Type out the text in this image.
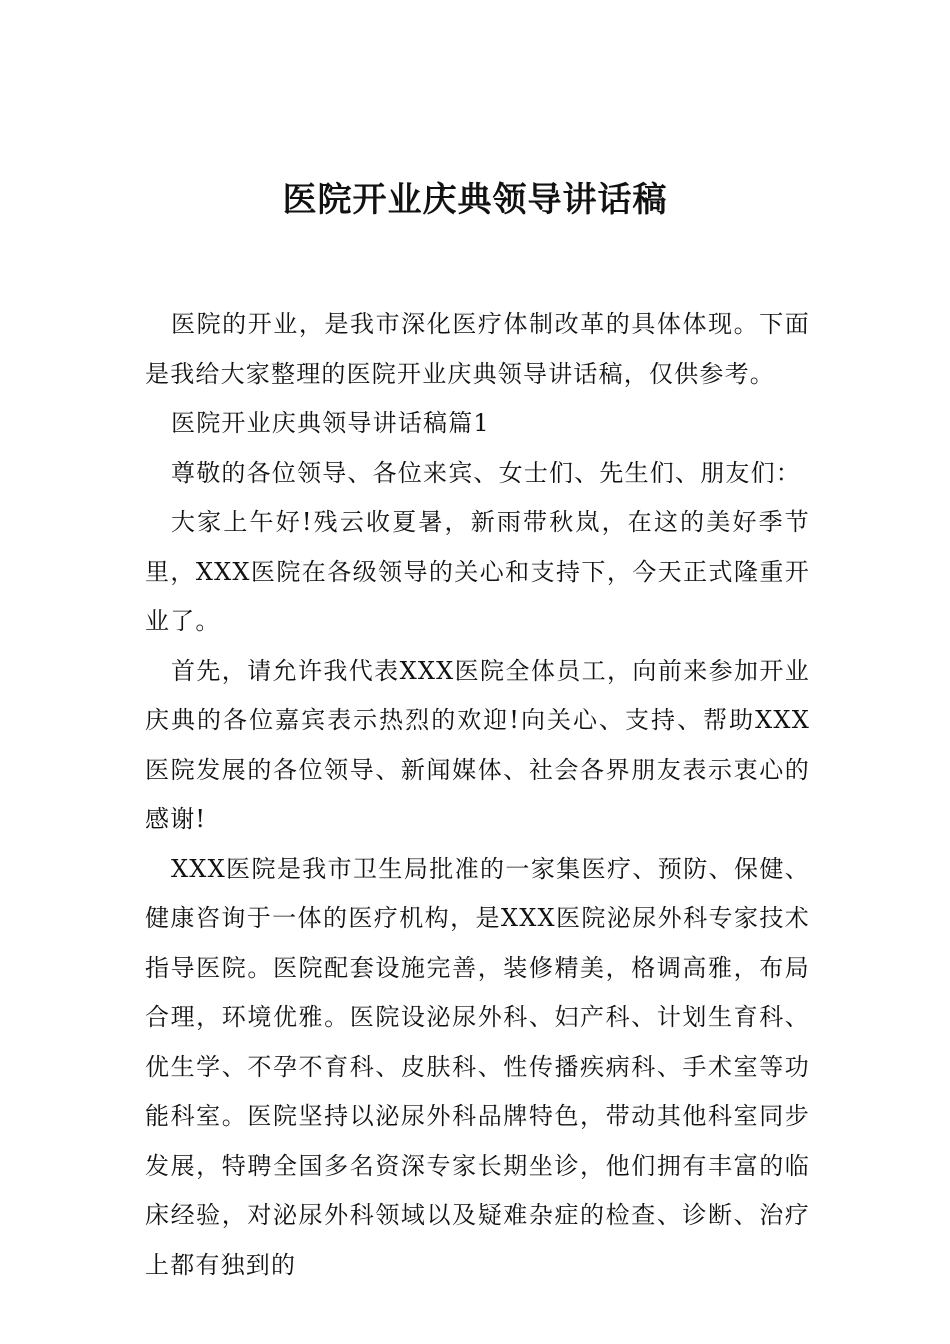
医院开业庆典领导讲话稿

医院的开业，是我市深化医疗体制改革的具体体现。下面是我给大家整理的医院开业庆典领导讲话稿，仅供参考。

医院开业庆典领导讲话稿篇1

尊敬的各位领导、各位来宾、女士们、先生们、朋友们：

大家上午好!残云收夏暑，新雨带秋岚，在这的美好季节里，XXX医院在各级领导的关心和支持下，今天正式隆重开业了。

首先，请允许我代表XXX医院全体员工，向前来参加开业庆典的各位嘉宾表示热烈的欢迎!向关心、支持、帮助XXX医院发展的各位领导、新闻媒体、社会各界朋友表示衷心的感谢!

XXX医院是我市卫生局批准的一家集医疗、预防、保健、健康咨询于一体的医疗机构，是XXX医院泌尿外科专家技术指导医院。医院配套设施完善，装修精美，格调高雅，布局合理，环境优雅。医院设泌尿外科、妇产科、计划生育科、优生学、不孕不育科、皮肤科、性传播疾病科、手术室等功能科室。医院坚持以泌尿外科品牌特色，带动其他科室同步发展，特聘全国多名资深专家长期坐诊，他们拥有丰富的临床经验，对泌尿外科领域以及疑难杂症的检查、诊断、治疗上都有独到的
